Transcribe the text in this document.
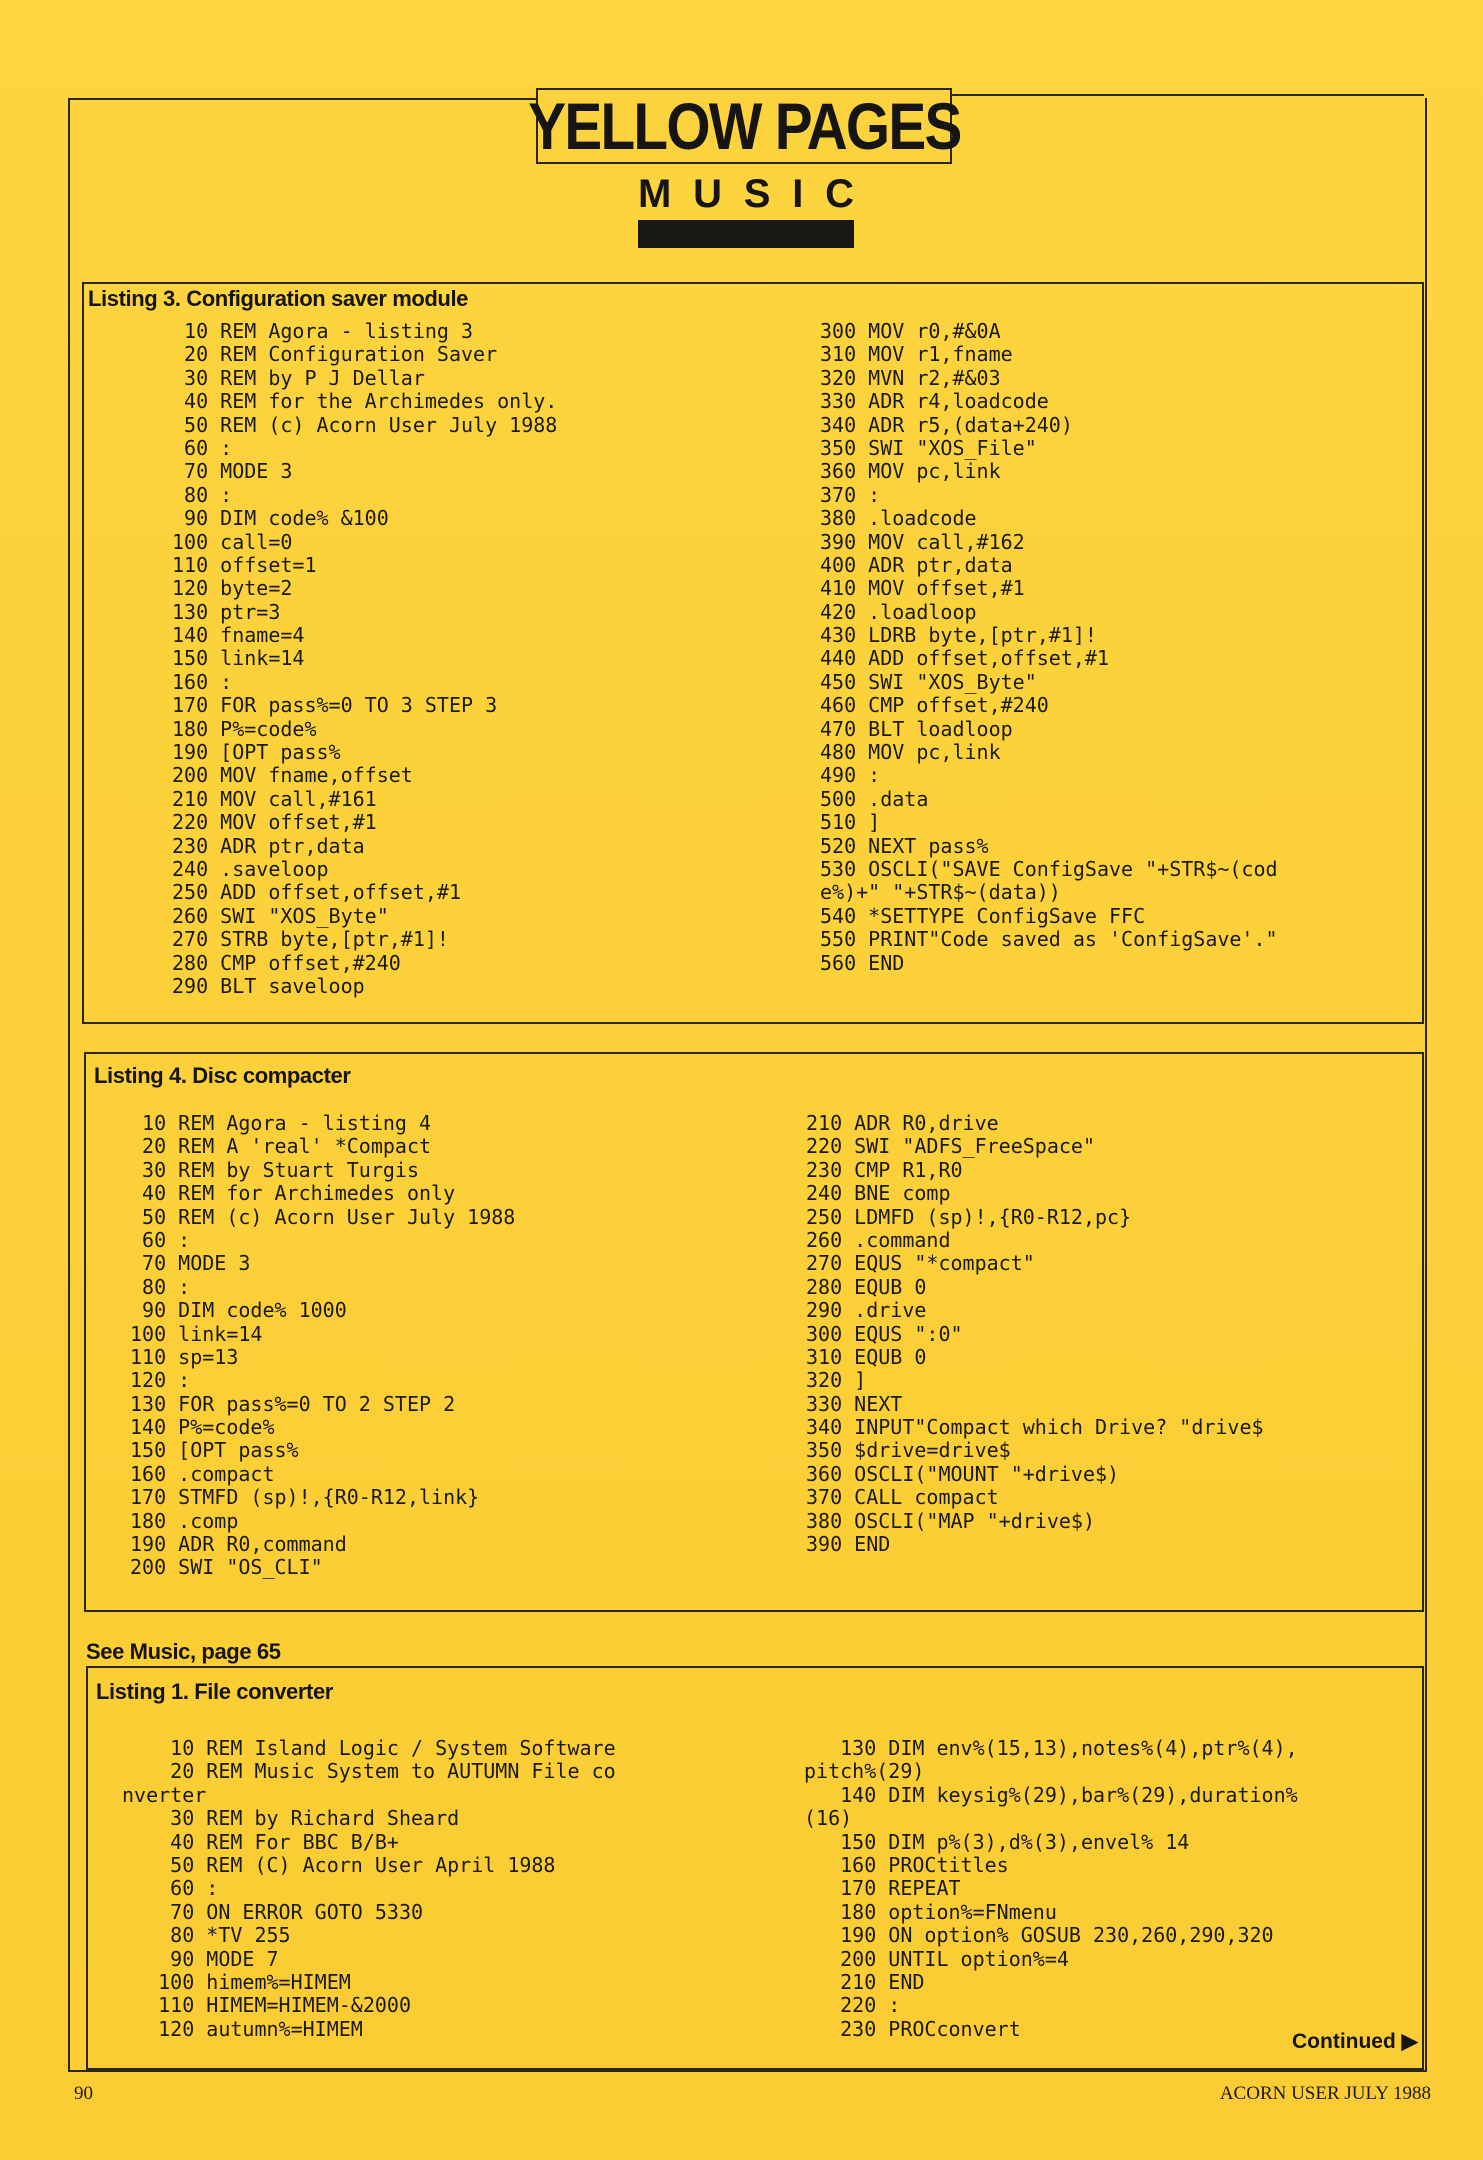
YELLOW PAGES
M U S I C
Listing 3. Configuration saver module
10 REM Agora - listing 3
20 REM Configuration Saver
30 REM by P J Dellar
40 REM for the Archimedes only.
50 REM (c) Acorn User July 1988
60 :
70 MODE 3
80 :
90 DIM code% &100
100 call=0
110 offset=1
120 byte=2
130 ptr=3
140 fname=4
150 link=14
160 :
170 FOR pass%=0 TO 3 STEP 3
180 P%=code%
190 [OPT pass%
200 MOV fname,offset
210 MOV call,#161
220 MOV offset,#1
230 ADR ptr,data
240 .saveloop
250 ADD offset,offset,#1
260 SWI "XOS_Byte"
270 STRB byte,[ptr,#1]!
280 CMP offset,#240
290 BLT saveloop
300 MOV r0,#&0A
310 MOV r1,fname
320 MVN r2,#&03
330 ADR r4,loadcode
340 ADR r5,(data+240)
350 SWI "XOS_File"
360 MOV pc,link
370 :
380 .loadcode
390 MOV call,#162
400 ADR ptr,data
410 MOV offset,#1
420 .loadloop
430 LDRB byte,[ptr,#1]!
440 ADD offset,offset,#1
450 SWI "XOS_Byte"
460 CMP offset,#240
470 BLT loadloop
480 MOV pc,link
490 :
500 .data
510 ]
520 NEXT pass%
530 OSCLI("SAVE ConfigSave "+STR$~(cod
e%)+" "+STR$~(data))
540 *SETTYPE ConfigSave FFC
550 PRINT"Code saved as 'ConfigSave'."
560 END
Listing 4. Disc compacter
10 REM Agora - listing 4
20 REM A 'real' *Compact
30 REM by Stuart Turgis
40 REM for Archimedes only
50 REM (c) Acorn User July 1988
60 :
70 MODE 3
80 :
90 DIM code% 1000
100 link=14
110 sp=13
120 :
130 FOR pass%=0 TO 2 STEP 2
140 P%=code%
150 [OPT pass%
160 .compact
170 STMFD (sp)!,{R0-R12,link}
180 .comp
190 ADR R0,command
200 SWI "OS_CLI"
210 ADR R0,drive
220 SWI "ADFS_FreeSpace"
230 CMP R1,R0
240 BNE comp
250 LDMFD (sp)!,{R0-R12,pc}
260 .command
270 EQUS "*compact"
280 EQUB 0
290 .drive
300 EQUS ":0"
310 EQUB 0
320 ]
330 NEXT
340 INPUT"Compact which Drive? "drive$
350 $drive=drive$
360 OSCLI("MOUNT "+drive$)
370 CALL compact
380 OSCLI("MAP "+drive$)
390 END
See Music, page 65
Listing 1. File converter
10 REM Island Logic / System Software
20 REM Music System to AUTUMN File co
nverter
30 REM by Richard Sheard
40 REM For BBC B/B+
50 REM (C) Acorn User April 1988
60 :
70 ON ERROR GOTO 5330
80 *TV 255
90 MODE 7
100 himem%=HIMEM
110 HIMEM=HIMEM-&2000
120 autumn%=HIMEM
130 DIM env%(15,13),notes%(4),ptr%(4),
pitch%(29)
140 DIM keysig%(29),bar%(29),duration%
(16)
150 DIM p%(3),d%(3),envel% 14
160 PROCtitles
170 REPEAT
180 option%=FNmenu
190 ON option% GOSUB 230,260,290,320
200 UNTIL option%=4
210 END
220 :
230 PROCconvert
Continued ▶
90	ACORN USER JULY 1988
